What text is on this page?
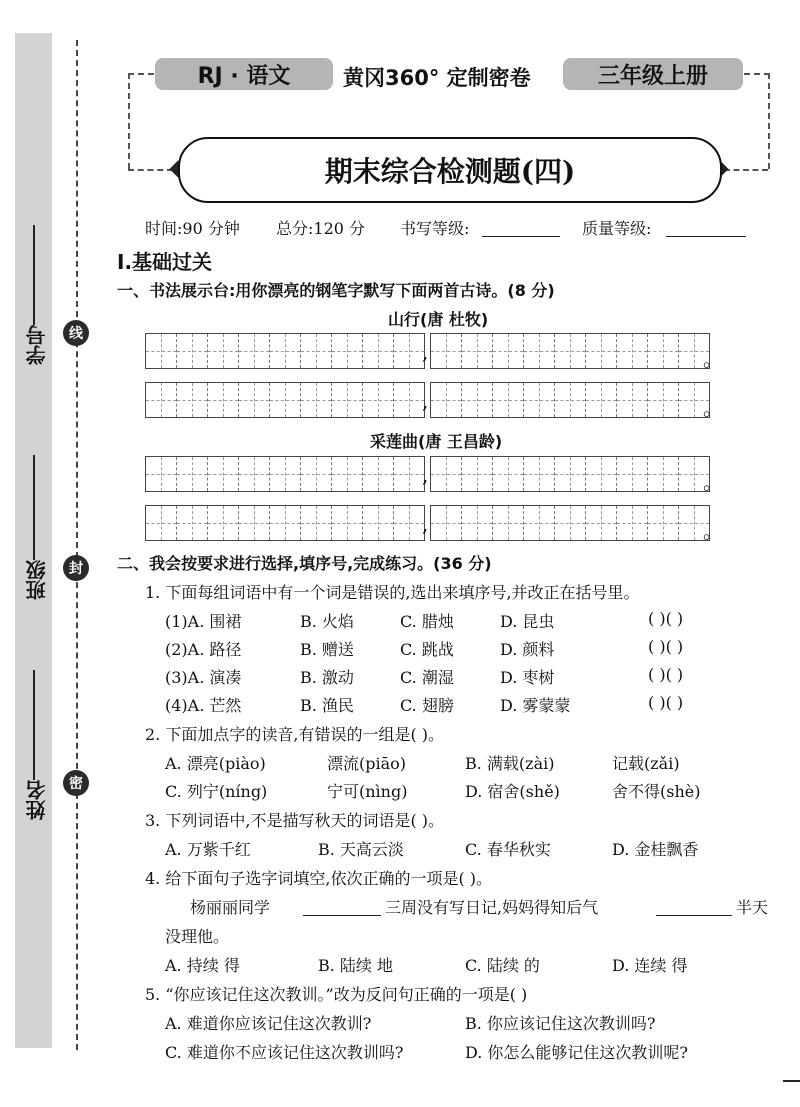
学号
班级
姓名
线
封
密
RJ · 语文	黄冈360° 定制密卷	三年级上册
期末综合检测题(四)
时间:90 分钟 总分:120 分 书写等级:	质量等级:
Ⅰ.基础过关
一、书法展示台:用你漂亮的钢笔字默写下面两首古诗。(8 分)
山行(唐 杜牧)
,	。
,	。
采莲曲(唐 王昌龄)
,	。
,	。
二、我会按要求进行选择,填序号,完成练习。(36 分)
1. 下面每组词语中有一个词是错误的,选出来填序号,并改正在括号里。
(1)A. 围裙	B. 火焰	C. 腊烛	D. 昆虫	( )( )
(2)A. 路径	B. 赠送	C. 跳战	D. 颜料	( )( )
(3)A. 演凑	B. 激动	C. 潮湿	D. 枣树	( )( )
(4)A. 芒然	B. 渔民	C. 翅膀	D. 雾蒙蒙	( )( )
2. 下面加点字的读音,有错误的一组是( )。
A. 漂亮(piào)	漂流(piāo)	B. 满载(zài)	记载(zǎi)
C. 列宁(níng)	宁可(nìng)	D. 宿舍(shě)	舍不得(shè)
3. 下列词语中,不是描写秋天的词语是( )。
A. 万紫千红	B. 天高云淡	C. 春华秋实	D. 金桂飘香
4. 给下面句子选字词填空,依次正确的一项是( )。
杨丽丽同学	三周没有写日记,妈妈得知后气	半天
没理他。
A. 持续 得	B. 陆续 地	C. 陆续 的	D. 连续 得
5. “你应该记住这次教训。”改为反问句正确的一项是( )
A. 难道你应该记住这次教训?	B. 你应该记住这次教训吗?
C. 难道你不应该记住这次教训吗?	D. 你怎么能够记住这次教训呢?
